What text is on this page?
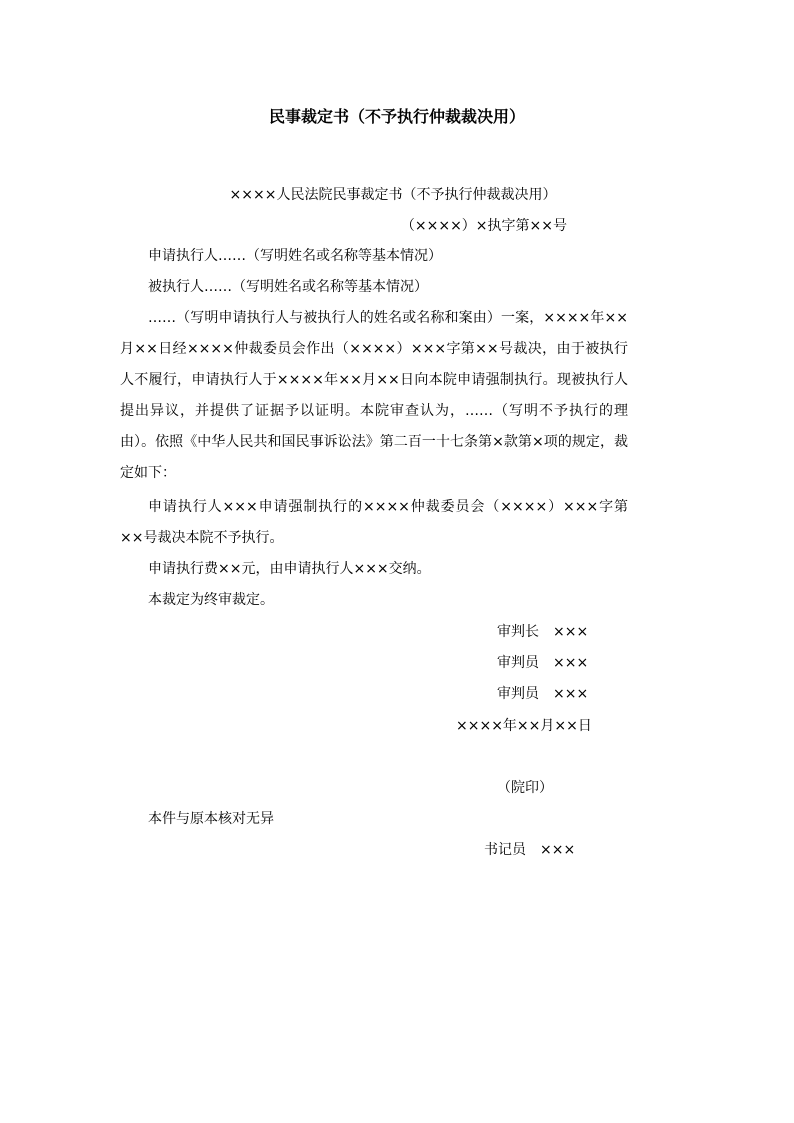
民事裁定书（不予执行仲裁裁决用）
××××人民法院民事裁定书（不予执行仲裁裁决用）
（××××）×执字第××号
申请执行人……（写明姓名或名称等基本情况）
被执行人……（写明姓名或名称等基本情况）
……（写明申请执行人与被执行人的姓名或名称和案由）一案，××××年××月××日经××××仲裁委员会作出（××××）×××字第××号裁决，由于被执行人不履行，申请执行人于××××年××月××日向本院申请强制执行。现被执行人提出异议，并提供了证据予以证明。本院审查认为，……（写明不予执行的理由）。依照《中华人民共和国民事诉讼法》第二百一十七条第×款第×项的规定，裁定如下：
申请执行人×××申请强制执行的××××仲裁委员会（××××）×××字第××号裁决本院不予执行。
申请执行费××元，由申请执行人×××交纳。
本裁定为终审裁定。
审判长 ×××
审判员 ×××
审判员 ×××
××××年××月××日
（院印）
本件与原本核对无异
书记员 ×××
